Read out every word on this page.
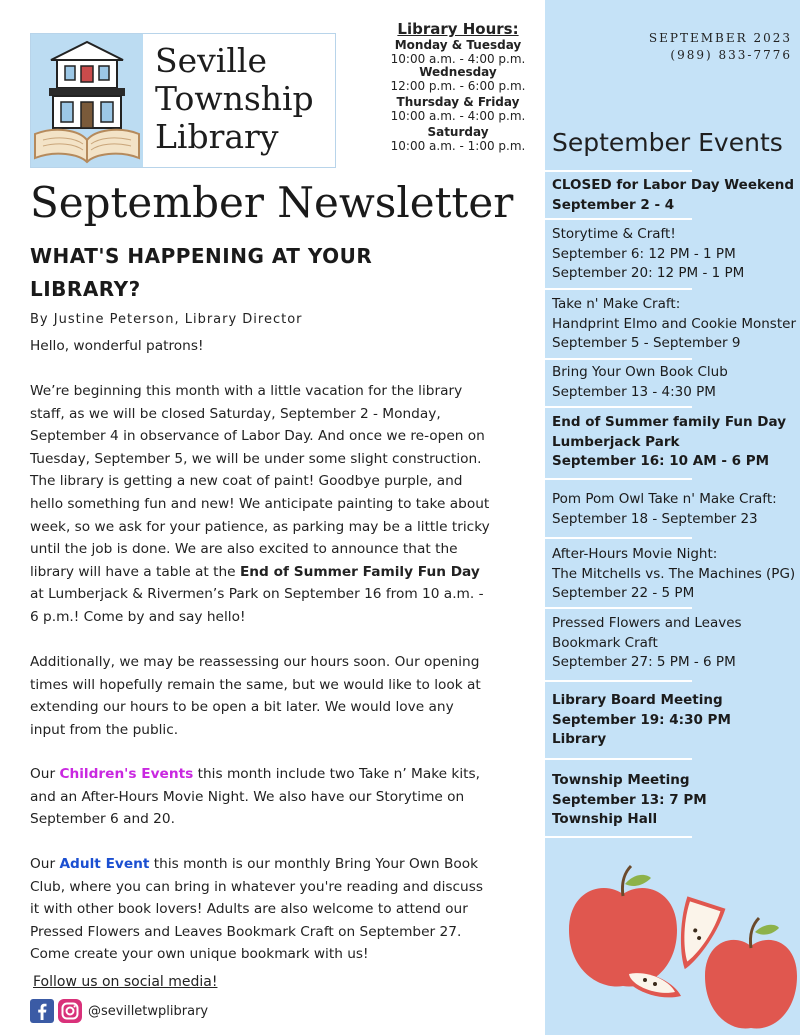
SEPTEMBER 2023
(989) 833-7776
September Events
CLOSED for Labor Day Weekend
September 2 - 4
Storytime & Craft!
September 6: 12 PM - 1 PM
September 20: 12 PM - 1 PM
Take n' Make Craft:
Handprint Elmo and Cookie Monster
September 5 - September 9
Bring Your Own Book Club
September 13 - 4:30 PM
End of Summer family Fun Day
Lumberjack Park
September 16: 10 AM - 6 PM
Pom Pom Owl Take n' Make Craft:
September 18 - September 23
After-Hours Movie Night:
The Mitchells vs. The Machines (PG)
September 22 - 5 PM
Pressed Flowers and Leaves
Bookmark Craft
September 27: 5 PM - 6 PM
Library Board Meeting
September 19: 4:30 PM
Library
Township Meeting
September 13: 7 PM
Township Hall
Seville
Township
Library
Library Hours:
Monday & Tuesday
10:00 a.m. - 4:00 p.m.
Wednesday
12:00 p.m. - 6:00 p.m.
Thursday & Friday
10:00 a.m. - 4:00 p.m.
Saturday
10:00 a.m. - 1:00 p.m.
September Newsletter
WHAT'S HAPPENING AT YOUR LIBRARY?
By Justine Peterson, Library Director
Hello, wonderful patrons!
We’re beginning this month with a little vacation for the library staff, as we will be closed Saturday, September 2 - Monday, September 4 in observance of Labor Day. And once we re-open on Tuesday, September 5, we will be under some slight construction. The library is getting a new coat of paint! Goodbye purple, and hello something fun and new! We anticipate painting to take about week, so we ask for your patience, as parking may be a little tricky until the job is done. We are also excited to announce that the library will have a table at the End of Summer Family Fun Day at Lumberjack & Rivermen’s Park on September 16 from 10 a.m. - 6 p.m.! Come by and say hello!
Additionally, we may be reassessing our hours soon. Our opening times will hopefully remain the same, but we would like to look at extending our hours to be open a bit later. We would love any input from the public.
Our Children's Events this month include two Take n’ Make kits, and an After-Hours Movie Night. We also have our Storytime on September 6 and 20.
Our Adult Event this month is our monthly Bring Your Own Book Club, where you can bring in whatever you're reading and discuss it with other book lovers! Adults are also welcome to attend our Pressed Flowers and Leaves Bookmark Craft on September 27. Come create your own unique bookmark with us!
Follow us on social media!
@sevilletwplibrary
